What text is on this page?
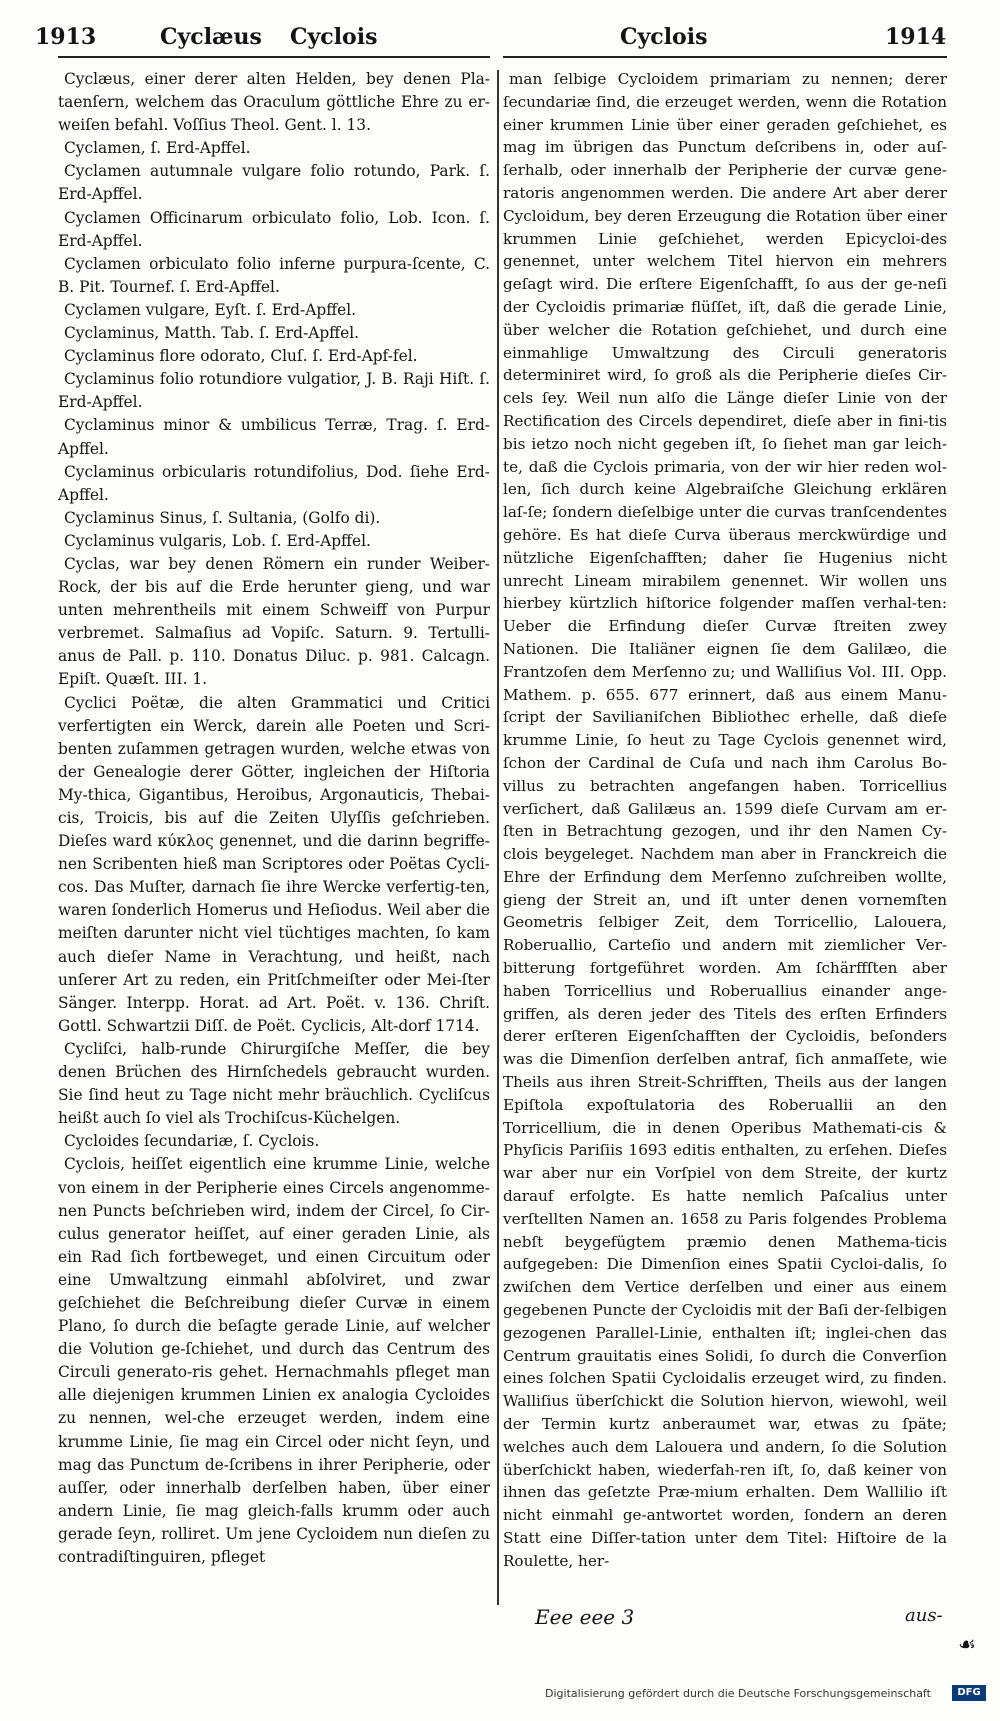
1913	Cyclæus Cyclois	Cyclois	1914

Cyclæus, einer derer alten Helden, bey denen Pla-taenſern, welchem das Oraculum göttliche Ehre zu er-weiſen befahl. Voſſius Theol. Gent. l. 13.

Cyclamen, ſ. Erd-Apffel.

Cyclamen autumnale vulgare folio rotundo, Park. ſ. Erd-Apffel.

Cyclamen Officinarum orbiculato folio, Lob. Icon. ſ. Erd-Apffel.

Cyclamen orbiculato folio inferne purpura-ſcente, C. B. Pit. Tournef. ſ. Erd-Apffel.

Cyclamen vulgare, Eyſt. ſ. Erd-Apffel.

Cyclaminus, Matth. Tab. ſ. Erd-Apffel.

Cyclaminus flore odorato, Cluſ. ſ. Erd-Apf-fel.

Cyclaminus folio rotundiore vulgatior, J. B. Raji Hiſt. ſ. Erd-Apffel.

Cyclaminus minor & umbilicus Terræ, Trag. ſ. Erd-Apffel.

Cyclaminus orbicularis rotundifolius, Dod. ſiehe Erd-Apffel.

Cyclaminus Sinus, ſ. Sultania, (Golfo di).

Cyclaminus vulgaris, Lob. ſ. Erd-Apffel.

Cyclas, war bey denen Römern ein runder Weiber-Rock, der bis auf die Erde herunter gieng, und war unten mehrentheils mit einem Schweiff von Purpur verbremet. Salmaſius ad Vopiſc. Saturn. 9. Tertulli-anus de Pall. p. 110. Donatus Diluc. p. 981. Calcagn. Epiſt. Quæſt. III. 1.

Cyclici Poëtæ, die alten Grammatici und Critici verfertigten ein Werck, darein alle Poeten und Scri-benten zuſammen getragen wurden, welche etwas von der Genealogie derer Götter, ingleichen der Hiſtoria My-thica, Gigantibus, Heroibus, Argonauticis, Thebai-cis, Troicis, bis auf die Zeiten Ulyſſis geſchrieben. Dieſes ward κύκλος genennet, und die darinn begriffe-nen Scribenten hieß man Scriptores oder Poëtas Cycli-cos. Das Muſter, darnach ſie ihre Wercke verfertig-ten, waren ſonderlich Homerus und Heſiodus. Weil aber die meiſten darunter nicht viel tüchtiges machten, ſo kam auch dieſer Name in Verachtung, und heißt, nach unſerer Art zu reden, ein Pritſchmeiſter oder Mei-ſter Sänger. Interpp. Horat. ad Art. Poët. v. 136. Chriſt. Gottl. Schwartzii Diſſ. de Poët. Cyclicis, Alt-dorf 1714.

Cycliſci, halb-runde Chirurgiſche Meſſer, die bey denen Brüchen des Hirnſchedels gebraucht wurden. Sie ſind heut zu Tage nicht mehr bräuchlich. Cycliſcus heißt auch ſo viel als Trochiſcus-Küchelgen.

Cycloides ſecundariæ, ſ. Cyclois.

Cyclois, heiſſet eigentlich eine krumme Linie, welche von einem in der Peripherie eines Circels angenomme-nen Puncts beſchrieben wird, indem der Circel, ſo Cir-culus generator heiſſet, auf einer geraden Linie, als ein Rad ſich fortbeweget, und einen Circuitum oder eine Umwaltzung einmahl abſolviret, und zwar geſchiehet die Beſchreibung dieſer Curvæ in einem Plano, ſo durch die beſagte gerade Linie, auf welcher die Volution ge-ſchiehet, und durch das Centrum des Circuli generato-ris gehet. Hernachmahls pfleget man alle diejenigen krummen Linien ex analogia Cycloides zu nennen, wel-che erzeuget werden, indem eine krumme Linie, ſie mag ein Circel oder nicht ſeyn, und mag das Punctum de-ſcribens in ihrer Peripherie, oder auſſer, oder innerhalb derſelben haben, über einer andern Linie, ſie mag gleich-falls krumm oder auch gerade ſeyn, rolliret. Um jene Cycloidem nun dieſen zu contradiſtinguiren, pfleget

man ſelbige Cycloidem primariam zu nennen; derer ſecundariæ ſind, die erzeuget werden, wenn die Rotation einer krummen Linie über einer geraden geſchiehet, es mag im übrigen das Punctum deſcribens in, oder auſ-ſerhalb, oder innerhalb der Peripherie der curvæ gene-ratoris angenommen werden. Die andere Art aber derer Cycloidum, bey deren Erzeugung die Rotation über einer krummen Linie geſchiehet, werden Epicycloi-des genennet, unter welchem Titel hiervon ein mehrers geſagt wird. Die erſtere Eigenſchafft, ſo aus der ge-neſi der Cycloidis primariæ flüſſet, iſt, daß die gerade Linie, über welcher die Rotation geſchiehet, und durch eine einmahlige Umwaltzung des Circuli generatoris determiniret wird, ſo groß als die Peripherie dieſes Cir-cels ſey. Weil nun alſo die Länge dieſer Linie von der Rectification des Circels dependiret, dieſe aber in fini-tis bis ietzo noch nicht gegeben iſt, ſo ſiehet man gar leich-te, daß die Cyclois primaria, von der wir hier reden wol-len, ſich durch keine Algebraiſche Gleichung erklären laſ-ſe; ſondern dieſelbige unter die curvas tranſcendentes gehöre. Es hat dieſe Curva überaus merckwürdige und nützliche Eigenſchafften; daher ſie Hugenius nicht unrecht Lineam mirabilem genennet. Wir wollen uns hierbey kürtzlich hiſtorice folgender maſſen verhal-ten: Ueber die Erfindung dieſer Curvæ ſtreiten zwey Nationen. Die Italiäner eignen ſie dem Galilæo, die Frantzoſen dem Merſenno zu; und Walliſius Vol. III. Opp. Mathem. p. 655. 677 erinnert, daß aus einem Manu-ſcript der Savilianiſchen Bibliothec erhelle, daß dieſe krumme Linie, ſo heut zu Tage Cyclois genennet wird, ſchon der Cardinal de Cuſa und nach ihm Carolus Bo-villus zu betrachten angefangen haben. Torricellius verſichert, daß Galilæus an. 1599 dieſe Curvam am er-ſten in Betrachtung gezogen, und ihr den Namen Cy-clois beygeleget. Nachdem man aber in Franckreich die Ehre der Erfindung dem Merſenno zuſchreiben wollte, gieng der Streit an, und iſt unter denen vornemſten Geometris ſelbiger Zeit, dem Torricellio, Lalouera, Roberuallio, Carteſio und andern mit ziemlicher Ver-bitterung fortgeführet worden. Am ſchärffſten aber haben Torricellius und Roberuallius einander ange-griffen, als deren jeder des Titels des erſten Erfinders derer erſteren Eigenſchafften der Cycloidis, beſonders was die Dimenſion derſelben antraf, ſich anmaſſete, wie Theils aus ihren Streit-Schrifften, Theils aus der langen Epiſtola expoſtulatoria des Roberuallii an den Torricellium, die in denen Operibus Mathemati-cis & Phyſicis Pariſiis 1693 editis enthalten, zu erſehen. Dieſes war aber nur ein Vorſpiel von dem Streite, der kurtz darauf erfolgte. Es hatte nemlich Paſcalius unter verſtellten Namen an. 1658 zu Paris folgendes Problema nebſt beygefügtem præmio denen Mathema-ticis aufgegeben: Die Dimenſion eines Spatii Cycloi-dalis, ſo zwiſchen dem Vertice derſelben und einer aus einem gegebenen Puncte der Cycloidis mit der Baſi der-ſelbigen gezogenen Parallel-Linie, enthalten iſt; inglei-chen das Centrum grauitatis eines Solidi, ſo durch die Converſion eines ſolchen Spatii Cycloidalis erzeuget wird, zu finden. Walliſius überſchickt die Solution hiervon, wiewohl, weil der Termin kurtz anberaumet war, etwas zu ſpäte; welches auch dem Lalouera und andern, ſo die Solution überſchickt haben, wiederfah-ren iſt, ſo, daß keiner von ihnen das geſetzte Præ-mium erhalten. Dem Wallilio iſt nicht einmahl ge-antwortet worden, ſondern an deren Statt eine Diſſer-tation unter dem Titel: Hiſtoire de la Roulette, her-

Eee eee 3	aus-
☙
Digitalisierung gefördert durch die Deutsche Forschungsgemeinschaft	DFG
